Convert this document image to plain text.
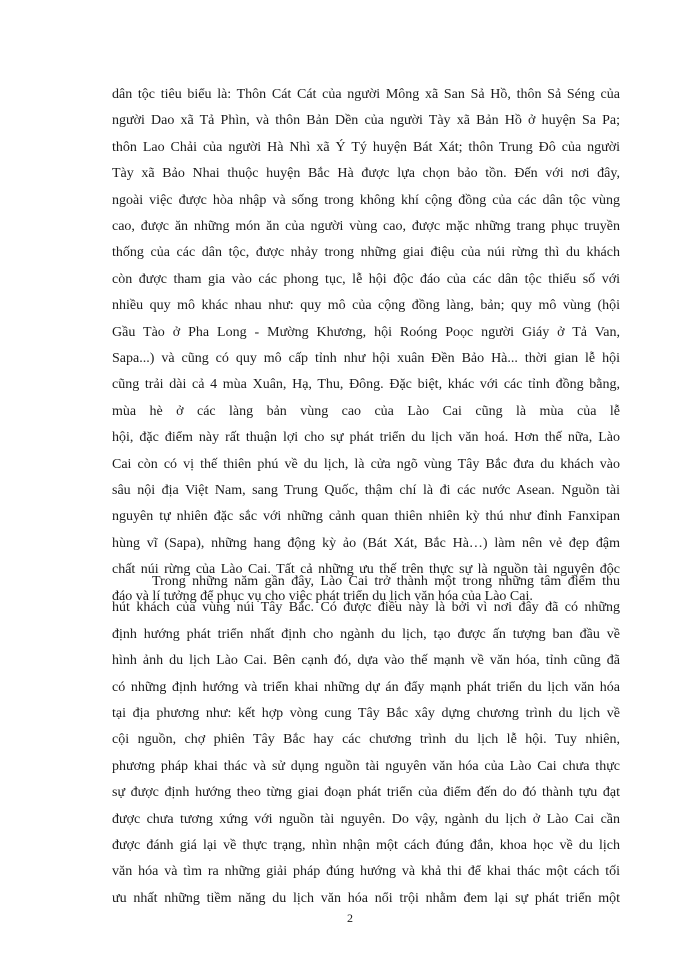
dân tộc tiêu biểu là: Thôn Cát Cát của người Mông xã San Sả Hồ, thôn Sả Séng của
người Dao xã Tả Phìn, và thôn Bản Dền của người Tày xã Bản Hồ ở huyện Sa Pa;
thôn Lao Chải của người Hà Nhì xã Ý Tý huyện Bát Xát; thôn Trung Đô của người
Tày xã Bảo Nhai thuộc huyện Bắc Hà được lựa chọn bảo tồn. Đến với nơi đây,
ngoài việc được hòa nhập và sống trong không khí cộng đồng của các dân tộc vùng
cao, được ăn những món ăn của người vùng cao, được mặc những trang phục truyền
thống của các dân tộc, được nhảy trong những giai điệu của núi rừng thì du khách
còn được tham gia vào các phong tục, lễ hội độc đáo của các dân tộc thiểu số với
nhiều quy mô khác nhau như: quy mô của cộng đồng làng, bản; quy mô vùng (hội
Gầu Tào ở Pha Long - Mường Khương, hội Roóng Poọc người Giáy ở Tả Van,
Sapa...) và cũng có quy mô cấp tỉnh như hội xuân Đền Bảo Hà... thời gian lễ hội
cũng trải dài cả 4 mùa Xuân, Hạ, Thu, Đông. Đặc biệt, khác với các tỉnh đồng bằng,
mùa hè ở các làng bản vùng cao của Lào Cai cũng là mùa của lễ
hội, đặc điểm này rất thuận lợi cho sự phát triển du lịch văn hoá. Hơn thế nữa, Lào
Cai còn có vị thế thiên phú về du lịch, là cửa ngõ vùng Tây Bắc đưa du khách vào
sâu nội địa Việt Nam, sang Trung Quốc, thậm chí là đi các nước Asean. Nguồn tài
nguyên tự nhiên đặc sắc với những cảnh quan thiên nhiên kỳ thú như đỉnh Fanxipan
hùng vĩ (Sapa), những hang động kỳ ảo (Bát Xát, Bắc Hà…) làm nên vẻ đẹp đậm
chất núi rừng của Lào Cai. Tất cả những ưu thế trên thực sự là nguồn tài nguyên độc
đáo và lí tưởng để phục vụ cho việc phát triển du lịch văn hóa của Lào Cai.
Trong những năm gần đây, Lào Cai trở thành một trong những tâm điểm thu
hút khách của vùng núi Tây Bắc. Có được điều này là bởi vì nơi đây đã có những
định hướng phát triển nhất định cho ngành du lịch, tạo được ấn tượng ban đầu về
hình ảnh du lịch Lào Cai. Bên cạnh đó, dựa vào thế mạnh về văn hóa, tỉnh cũng đã
có những định hướng và triển khai những dự án đẩy mạnh phát triển du lịch văn hóa
tại địa phương như: kết hợp vòng cung Tây Bắc xây dựng chương trình du lịch về
cội nguồn, chợ phiên Tây Bắc hay các chương trình du lịch lễ hội. Tuy nhiên,
phương pháp khai thác và sử dụng nguồn tài nguyên văn hóa của Lào Cai chưa thực
sự được định hướng theo từng giai đoạn phát triển của điểm đến do đó thành tựu đạt
được chưa tương xứng với nguồn tài nguyên. Do vậy, ngành du lịch ở Lào Cai cần
được đánh giá lại về thực trạng, nhìn nhận một cách đúng đắn, khoa học về du lịch
văn hóa và tìm ra những giải pháp đúng hướng và khả thi để khai thác một cách tối
ưu nhất những tiềm năng du lịch văn hóa nổi trội nhằm đem lại sự phát triển một
2
